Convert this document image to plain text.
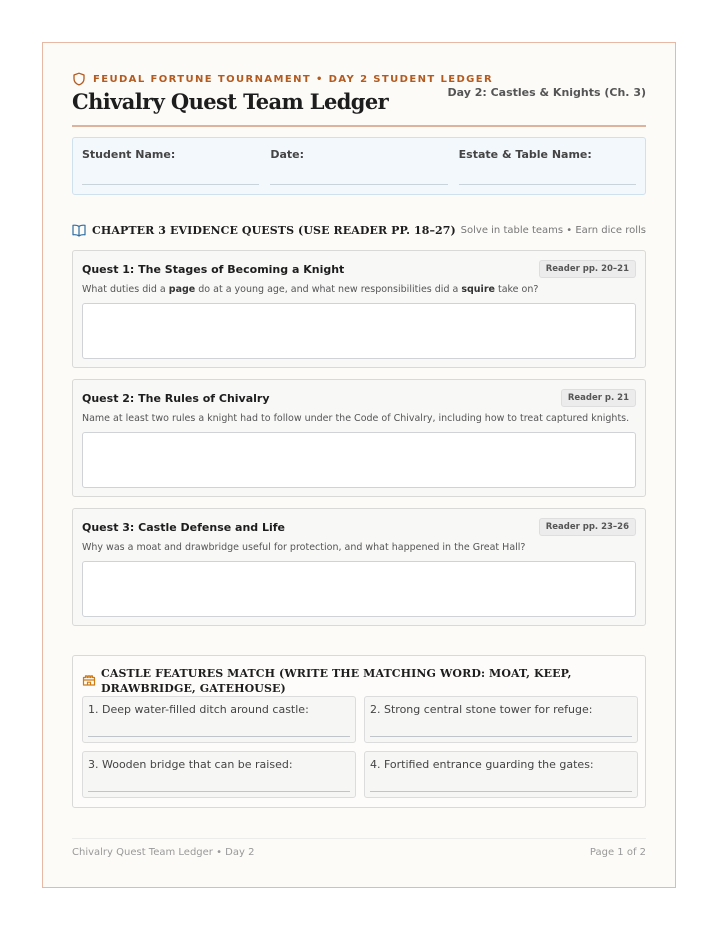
FEUDAL FORTUNE TOURNAMENT • DAY 2 STUDENT LEDGER
Chivalry Quest Team Ledger	Day 2: Castles & Knights (Ch. 3)
Student Name:	Date:	Estate & Table Name:
CHAPTER 3 EVIDENCE QUESTS (USE READER PP. 18–27) Solve in table teams • Earn dice rolls
Quest 1: The Stages of Becoming a Knight	Reader pp. 20–21
What duties did a page do at a young age, and what new responsibilities did a squire take on?
Quest 2: The Rules of Chivalry	Reader p. 21
Name at least two rules a knight had to follow under the Code of Chivalry, including how to treat captured knights.
Quest 3: Castle Defense and Life	Reader pp. 23–26
Why was a moat and drawbridge useful for protection, and what happened in the Great Hall?
CASTLE FEATURES MATCH (WRITE THE MATCHING WORD: MOAT, KEEP, DRAWBRIDGE, GATEHOUSE)
1. Deep water-filled ditch around castle:	2. Strong central stone tower for refuge:
3. Wooden bridge that can be raised:	4. Fortified entrance guarding the gates:
Chivalry Quest Team Ledger • Day 2	Page 1 of 2
